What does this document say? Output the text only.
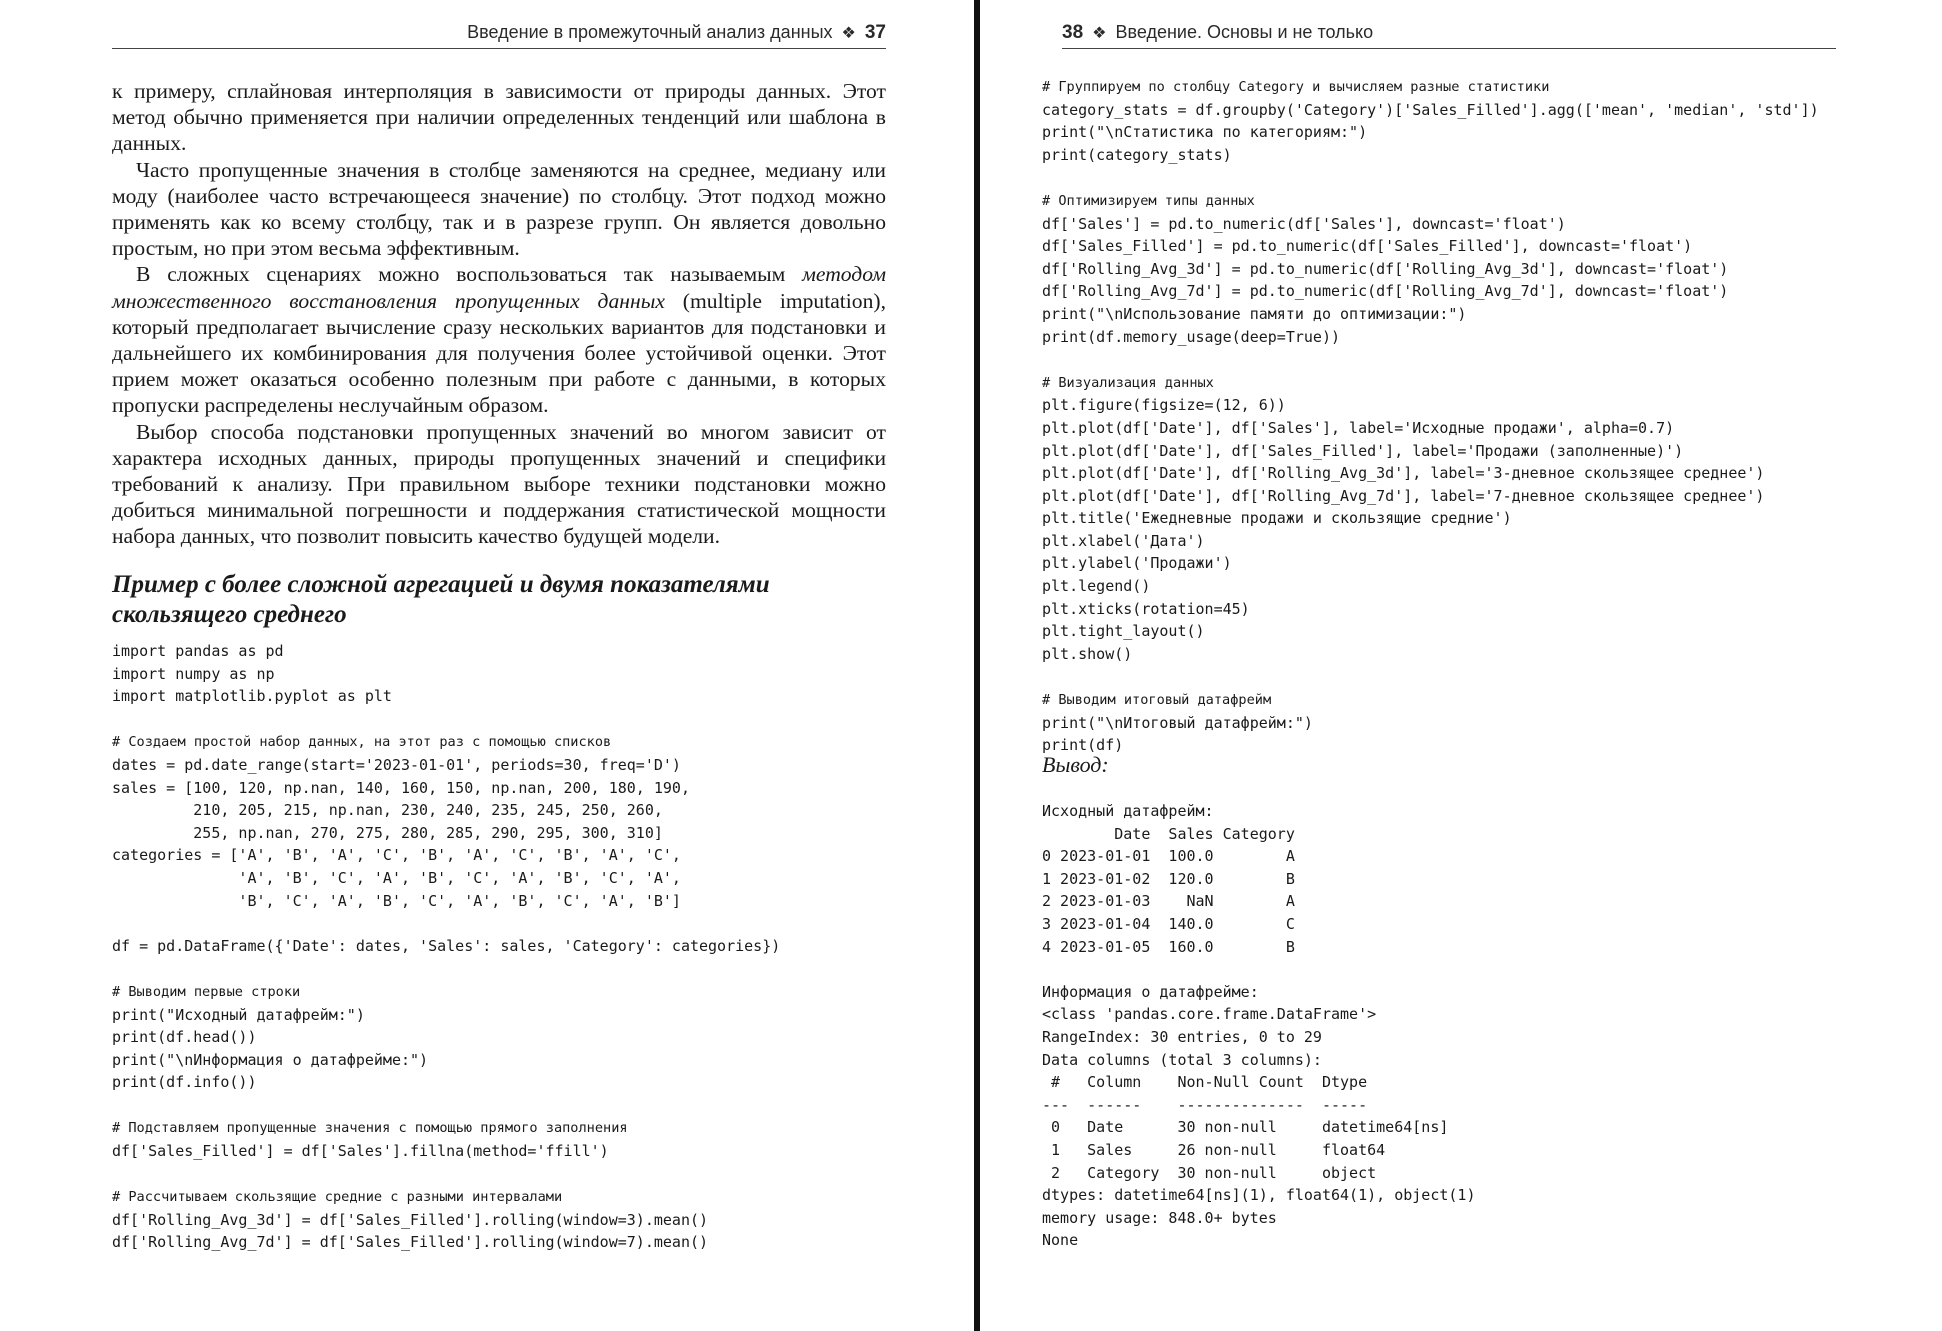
Введение в промежуточный анализ данных ❖ 37

к примеру, сплайновая интерполяция в зависимости от природы данных. Этот метод обычно применяется при наличии определенных тенденций или шаблона в данных.

Часто пропущенные значения в столбце заменяются на среднее, медиану или моду (наиболее часто встречающееся значение) по столбцу. Этот подход можно применять как ко всему столбцу, так и в разрезе групп. Он является довольно простым, но при этом весьма эффективным.

В сложных сценариях можно воспользоваться так называемым методом множественного восстановления пропущенных данных (multiple imputation), который предполагает вычисление сразу нескольких вариантов для подстановки и дальнейшего их комбинирования для получения более устойчивой оценки. Этот прием может оказаться особенно полезным при работе с данными, в которых пропуски распределены неслучайным образом.

Выбор способа подстановки пропущенных значений во многом зависит от характера исходных данных, природы пропущенных значений и специфики требований к анализу. При правильном выборе техники подстановки можно добиться минимальной погрешности и поддержания статистической мощности набора данных, что позволит повысить качество будущей модели.

Пример с более сложной агрегацией и двумя показателями скользящего среднего
import pandas as pd
import numpy as np
import matplotlib.pyplot as plt

# Создаем простой набор данных, на этот раз с помощью списков
dates = pd.date_range(start='2023-01-01', periods=30, freq='D')
sales = [100, 120, np.nan, 140, 160, 150, np.nan, 200, 180, 190,
210, 205, 215, np.nan, 230, 240, 235, 245, 250, 260,
255, np.nan, 270, 275, 280, 285, 290, 295, 300, 310]
categories = ['A', 'B', 'A', 'C', 'B', 'A', 'C', 'B', 'A', 'C',
'A', 'B', 'C', 'A', 'B', 'C', 'A', 'B', 'C', 'A',
'B', 'C', 'A', 'B', 'C', 'A', 'B', 'C', 'A', 'B']

df = pd.DataFrame({'Date': dates, 'Sales': sales, 'Category': categories})

# Выводим первые строки
print("Исходный датафрейм:")
print(df.head())
print("\nИнформация о датафрейме:")
print(df.info())

# Подставляем пропущенные значения с помощью прямого заполнения
df['Sales_Filled'] = df['Sales'].fillna(method='ffill')

# Рассчитываем скользящие средние с разными интервалами
df['Rolling_Avg_3d'] = df['Sales_Filled'].rolling(window=3).mean()
df['Rolling_Avg_7d'] = df['Sales_Filled'].rolling(window=7).mean()

38 ❖ Введение. Основы и не только
# Группируем по столбцу Category и вычисляем разные статистики
category_stats = df.groupby('Category')['Sales_Filled'].agg(['mean', 'median', 'std'])
print("\nСтатистика по категориям:")
print(category_stats)

# Оптимизируем типы данных
df['Sales'] = pd.to_numeric(df['Sales'], downcast='float')
df['Sales_Filled'] = pd.to_numeric(df['Sales_Filled'], downcast='float')
df['Rolling_Avg_3d'] = pd.to_numeric(df['Rolling_Avg_3d'], downcast='float')
df['Rolling_Avg_7d'] = pd.to_numeric(df['Rolling_Avg_7d'], downcast='float')
print("\nИспользование памяти до оптимизации:")
print(df.memory_usage(deep=True))

# Визуализация данных
plt.figure(figsize=(12, 6))
plt.plot(df['Date'], df['Sales'], label='Исходные продажи', alpha=0.7)
plt.plot(df['Date'], df['Sales_Filled'], label='Продажи (заполненные)')
plt.plot(df['Date'], df['Rolling_Avg_3d'], label='3-дневное скользящее среднее')
plt.plot(df['Date'], df['Rolling_Avg_7d'], label='7-дневное скользящее среднее')
plt.title('Ежедневные продажи и скользящие средние')
plt.xlabel('Дата')
plt.ylabel('Продажи')
plt.legend()
plt.xticks(rotation=45)
plt.tight_layout()
plt.show()

# Выводим итоговый датафрейм
print("\nИтоговый датафрейм:")
print(df)

Вывод:
Исходный датафрейм:
Date  Sales Category
0 2023-01-01  100.0        A
1 2023-01-02  120.0        B
2 2023-01-03    NaN        A
3 2023-01-04  140.0        C
4 2023-01-05  160.0        B

Информация о датафрейме:
<class 'pandas.core.frame.DataFrame'>
RangeIndex: 30 entries, 0 to 29
Data columns (total 3 columns):
#   Column    Non-Null Count  Dtype
---  ------    --------------  -----
0   Date      30 non-null     datetime64[ns]
1   Sales     26 non-null     float64
2   Category  30 non-null     object
dtypes: datetime64[ns](1), float64(1), object(1)
memory usage: 848.0+ bytes
None
